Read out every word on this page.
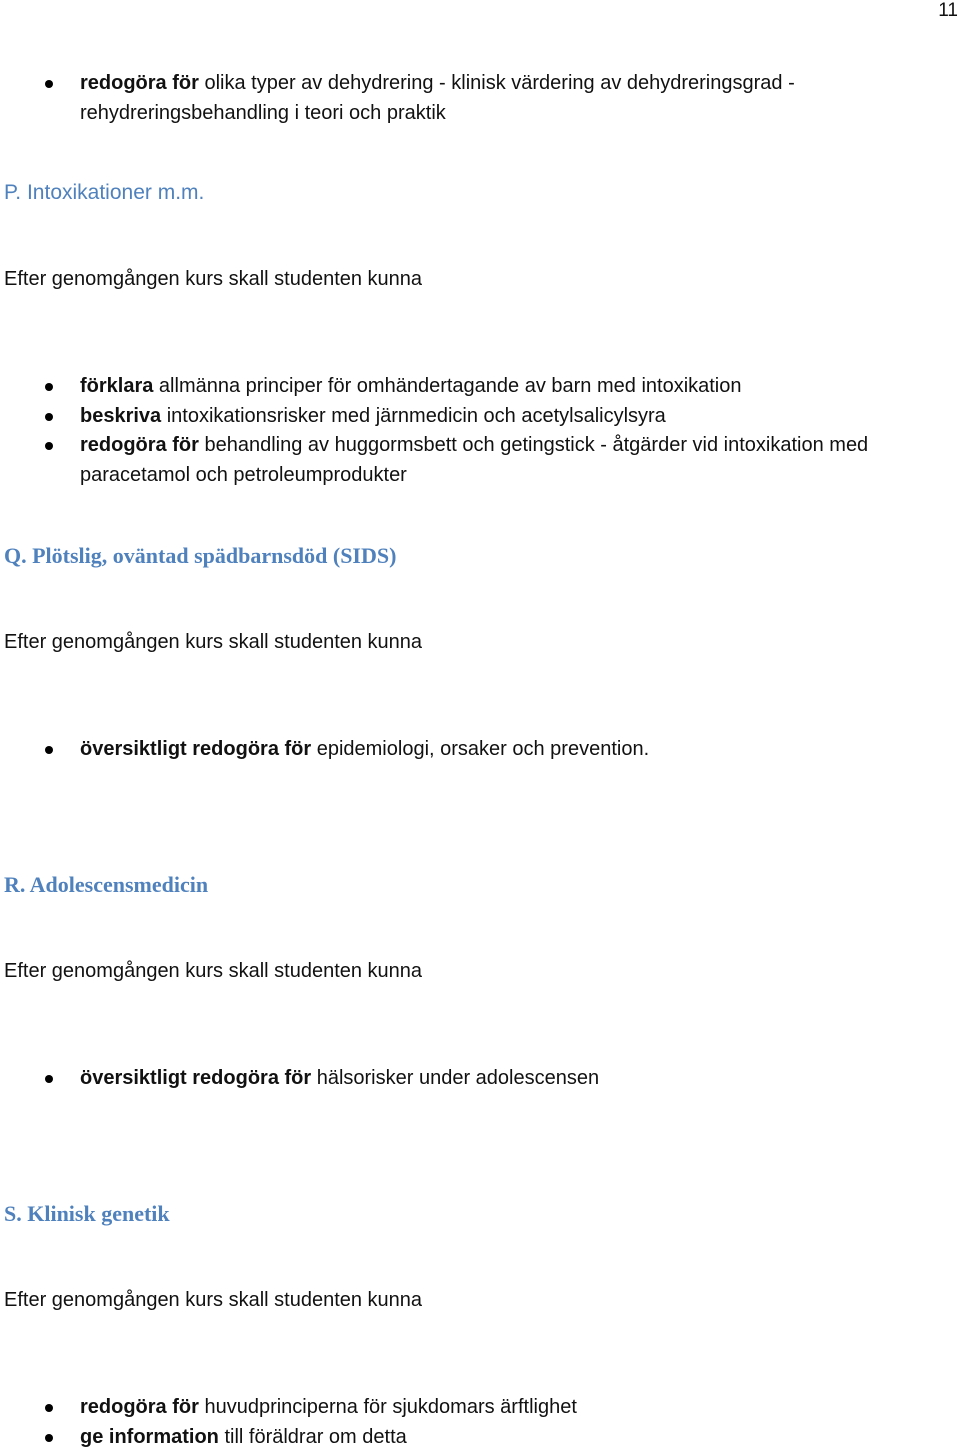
11
redogöra för olika typer av dehydrering - klinisk värdering av dehydreringsgrad - rehydreringsbehandling i teori och praktik
P. Intoxikationer m.m.

Efter genomgången kurs skall studenten kunna

förklara allmänna principer för omhändertagande av barn med intoxikation
beskriva intoxikationsrisker med järnmedicin och acetylsalicylsyra
redogöra för behandling av huggormsbett och getingstick - åtgärder vid intoxikation med paracetamol och petroleumprodukter
Q. Plötslig, oväntad spädbarnsdöd (SIDS)

Efter genomgången kurs skall studenten kunna

översiktligt redogöra för epidemiologi, orsaker och prevention.
R. Adolescensmedicin

Efter genomgången kurs skall studenten kunna

översiktligt redogöra för hälsorisker under adolescensen
S. Klinisk genetik

Efter genomgången kurs skall studenten kunna

redogöra för huvudprinciperna för sjukdomars ärftlighet
ge information till föräldrar om detta
